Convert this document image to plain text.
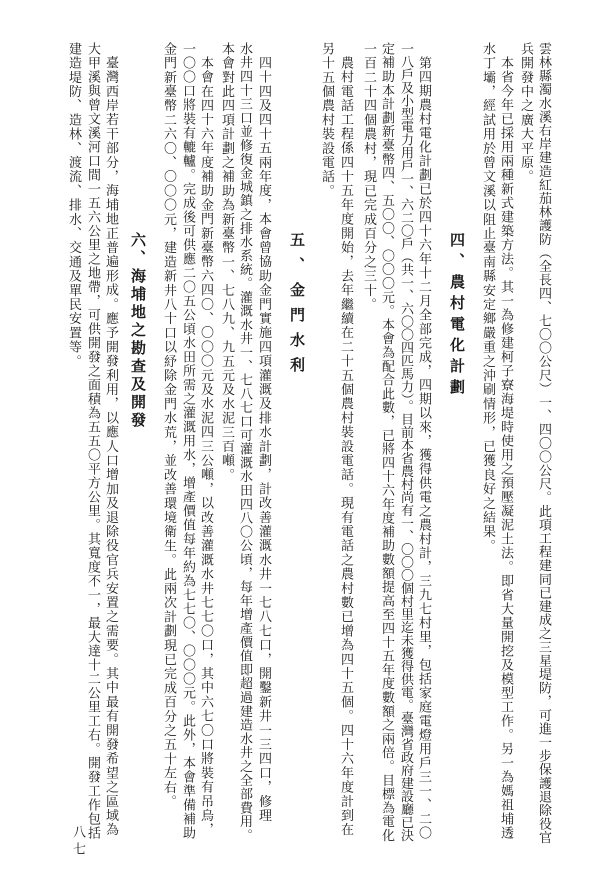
雲林縣濁水溪右岸建造紅茄林護防（全長四、七〇〇公尺）一、四〇〇公尺。此項工程建同已建成之三星堤防，可進一步保護退除役官
兵開發中之廣大平原。
本省今年已採用兩種新式建築方法。其一為修建柯子寮海堤時使用之預壓凝泥土法。即省大量開挖及模型工作。另一為媽祖埔透
水丁壩，經試用於曾文溪以阻止臺南縣安定鄉嚴重之沖刷情形，已獲良好之結果。
四、農村電化計劃
第四期農村電化計劃已於四十六年十二月全部完成，四期以來，獲得供電之農村計，三九七村里，包括家庭電燈用戶三一、二〇
一八戶及小型電力用戶一、六二〇戶（共一、六〇〇四匹馬力）。目前本省農村尚有一、〇〇〇個村里迄未獲得供電。臺灣省政府建設廳已決
定補助本計劃新臺幣四、五〇〇、〇〇〇元。本會為配合此數，已將四十六年度補助數額提高至四十五年度數額之兩倍。目標為電化
一百二十四個農村，現已完成百分之三十。
農村電話工程係四十五年度開始，去年繼續在二十五個農村裝設電話。現有電話之農村數已增為四十五個。四十六年度計到在
另十五個農村裝設電話。
五、金門水利
四十四及四十五兩年度，本會曾協助金門實施四項灌溉及排水計劃，計改善灌溉水井一七八七口，開鑿新井一三四口，修理
水井四十三口並修復金城鎮之排水系統。灌溉水井一、七八七口可灌溉水田四八〇公頃，每年增產價值即超過建造水井之全部費用。
本會對此四項計劃之補助為新臺幣一、七八九、九五元及水泥三百噸。
本會在四十六年度補助金門新臺幣六四〇、〇〇〇元及水泥四三公噸，以改善灌溉水井七七〇口，其中六七〇口將裝有吊烏，
一〇〇口將裝有轆轤。完成後可供應二〇五公頃水田所需之灌溉用水，增產價值每年約為七七〇、〇〇〇元。此外，本會準備補助
金門新臺幣二六〇、〇〇〇元，建造新井八十口以紓除金門水荒，並改善環境衛生。此兩次計劃現已完成百分之五十左右。
六、海埔地之勘查及開發
臺灣西岸若干部分，海埔地正普遍形成。應予開發利用，以應人口增加及退除役官兵安置之需要。其中最有開發希望之區域為
大甲溪與曾文溪河口間一五六公里之地帶，可供開發之面積為五五〇平方公里。其寬度不一，最大達十二公里工右。開發工作包括
建造堤防、造林、渡流、排水、交通及單民安置等。
八七
